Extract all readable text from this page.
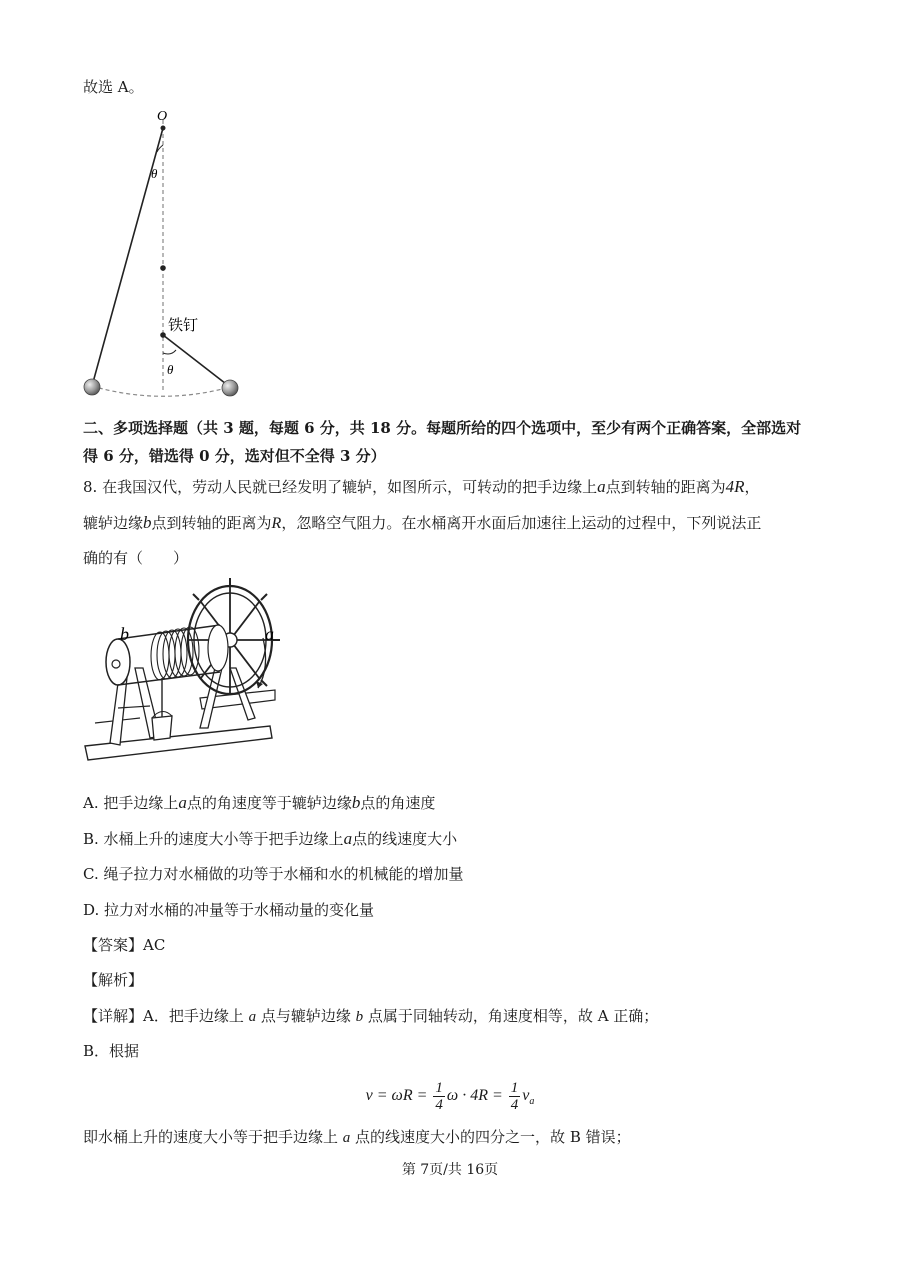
故选 A。
O
θ
铁钉
θ
二、多项选择题（共 3 题，每题 6 分，共 18 分。每题所给的四个选项中，至少有两个正确答案，全部选对
得 6 分，错选得 0 分，选对但不全得 3 分）
8. 在我国汉代，劳动人民就已经发明了辘轳，如图所示，可转动的把手边缘上a点到转轴的距离为4R，
辘轳边缘b点到转轴的距离为R，忽略空气阻力。在水桶离开水面后加速往上运动的过程中，下列说法正
确的有（　　）
b	a
A. 把手边缘上a点的角速度等于辘轳边缘b点的角速度
B. 水桶上升的速度大小等于把手边缘上a点的线速度大小
C. 绳子拉力对水桶做的功等于水桶和水的机械能的增加量
D. 拉力对水桶的冲量等于水桶动量的变化量
【答案】AC
【解析】
【详解】A．把手边缘上 a 点与辘轳边缘 b 点属于同轴转动，角速度相等，故 A 正确；
B．根据
$v = \omega R = \frac{1}{4}$ $\omega \cdot 4R = \frac{1}{4} v_a$
即水桶上升的速度大小等于把手边缘上 a 点的线速度大小的四分之一，故 B 错误；
第 7页/共 16页
